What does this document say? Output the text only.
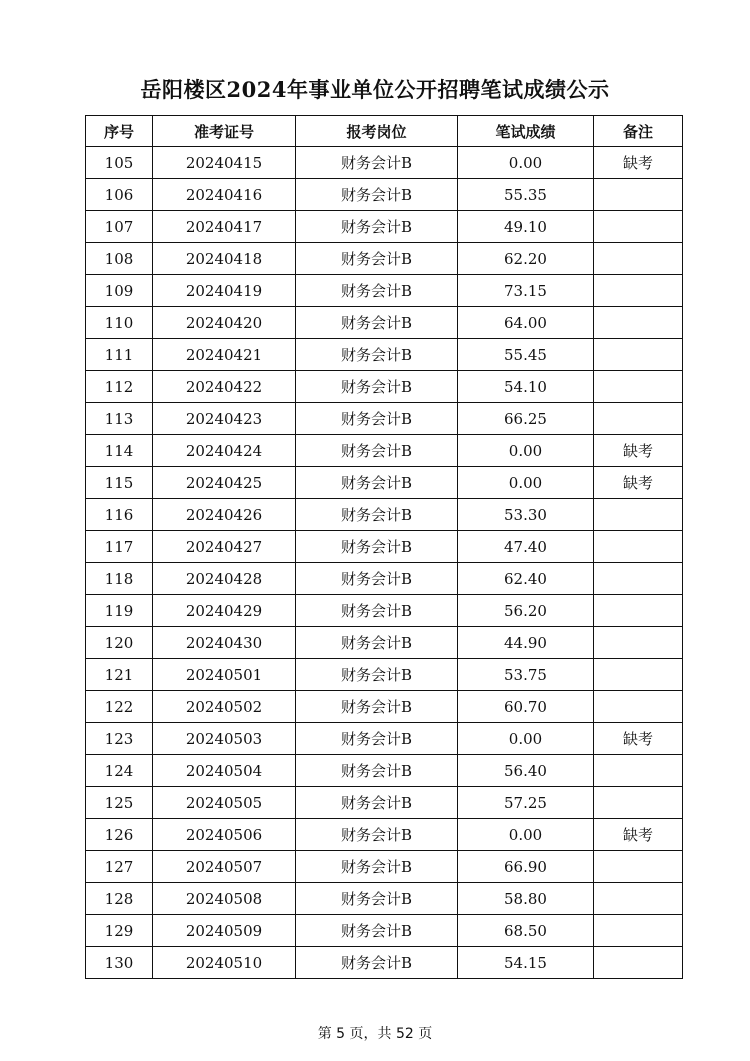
岳阳楼区2024年事业单位公开招聘笔试成绩公示
序号	准考证号	报考岗位	笔试成绩	备注
105	20240415	财务会计B	0.00	缺考
106	20240416	财务会计B	55.35	
107	20240417	财务会计B	49.10	
108	20240418	财务会计B	62.20	
109	20240419	财务会计B	73.15	
110	20240420	财务会计B	64.00	
111	20240421	财务会计B	55.45	
112	20240422	财务会计B	54.10	
113	20240423	财务会计B	66.25	
114	20240424	财务会计B	0.00	缺考
115	20240425	财务会计B	0.00	缺考
116	20240426	财务会计B	53.30	
117	20240427	财务会计B	47.40	
118	20240428	财务会计B	62.40	
119	20240429	财务会计B	56.20	
120	20240430	财务会计B	44.90	
121	20240501	财务会计B	53.75	
122	20240502	财务会计B	60.70	
123	20240503	财务会计B	0.00	缺考
124	20240504	财务会计B	56.40	
125	20240505	财务会计B	57.25	
126	20240506	财务会计B	0.00	缺考
127	20240507	财务会计B	66.90	
128	20240508	财务会计B	58.80	
129	20240509	财务会计B	68.50	
130	20240510	财务会计B	54.15	
第 5 页，共 52 页
